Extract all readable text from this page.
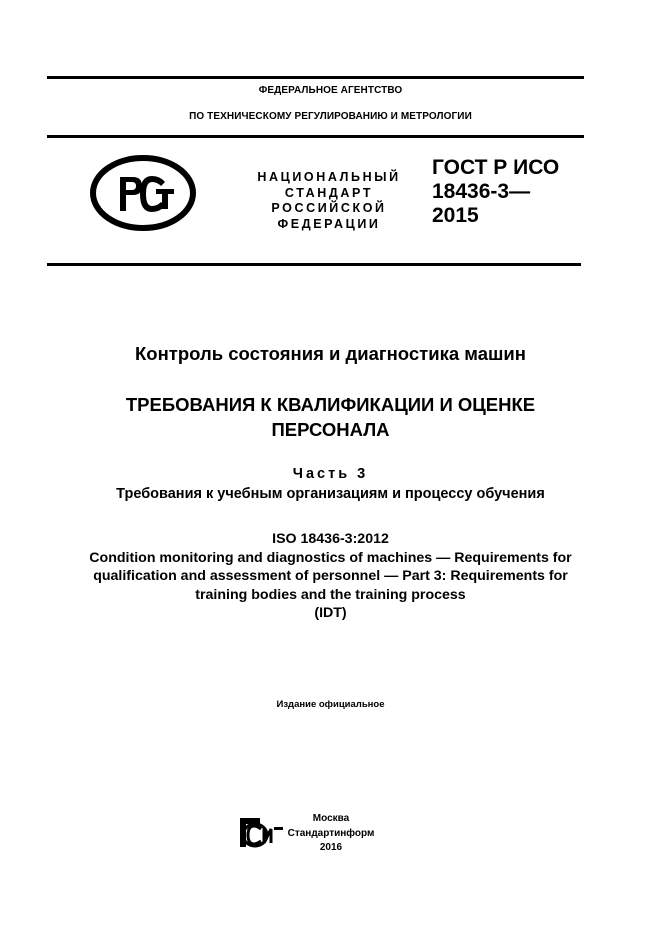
ФЕДЕРАЛЬНОЕ АГЕНТСТВО
ПО ТЕХНИЧЕСКОМУ РЕГУЛИРОВАНИЮ И МЕТРОЛОГИИ
НАЦИОНАЛЬНЫЙ
СТАНДАРТ
РОССИЙСКОЙ
ФЕДЕРАЦИИ
ГОСТ Р ИСО
18436-3—
2015
Контроль состояния и диагностика машин
ТРЕБОВАНИЯ К КВАЛИФИКАЦИИ И ОЦЕНКЕ ПЕРСОНАЛА
Часть 3
Требования к учебным организациям и процессу обучения
ISO 18436-3:2012
Condition monitoring and diagnostics of machines — Requirements for
qualification and assessment of personnel — Part 3: Requirements for
training bodies and the training process
(IDT)
Издание официальное
Москва
Стандартинформ
2016
